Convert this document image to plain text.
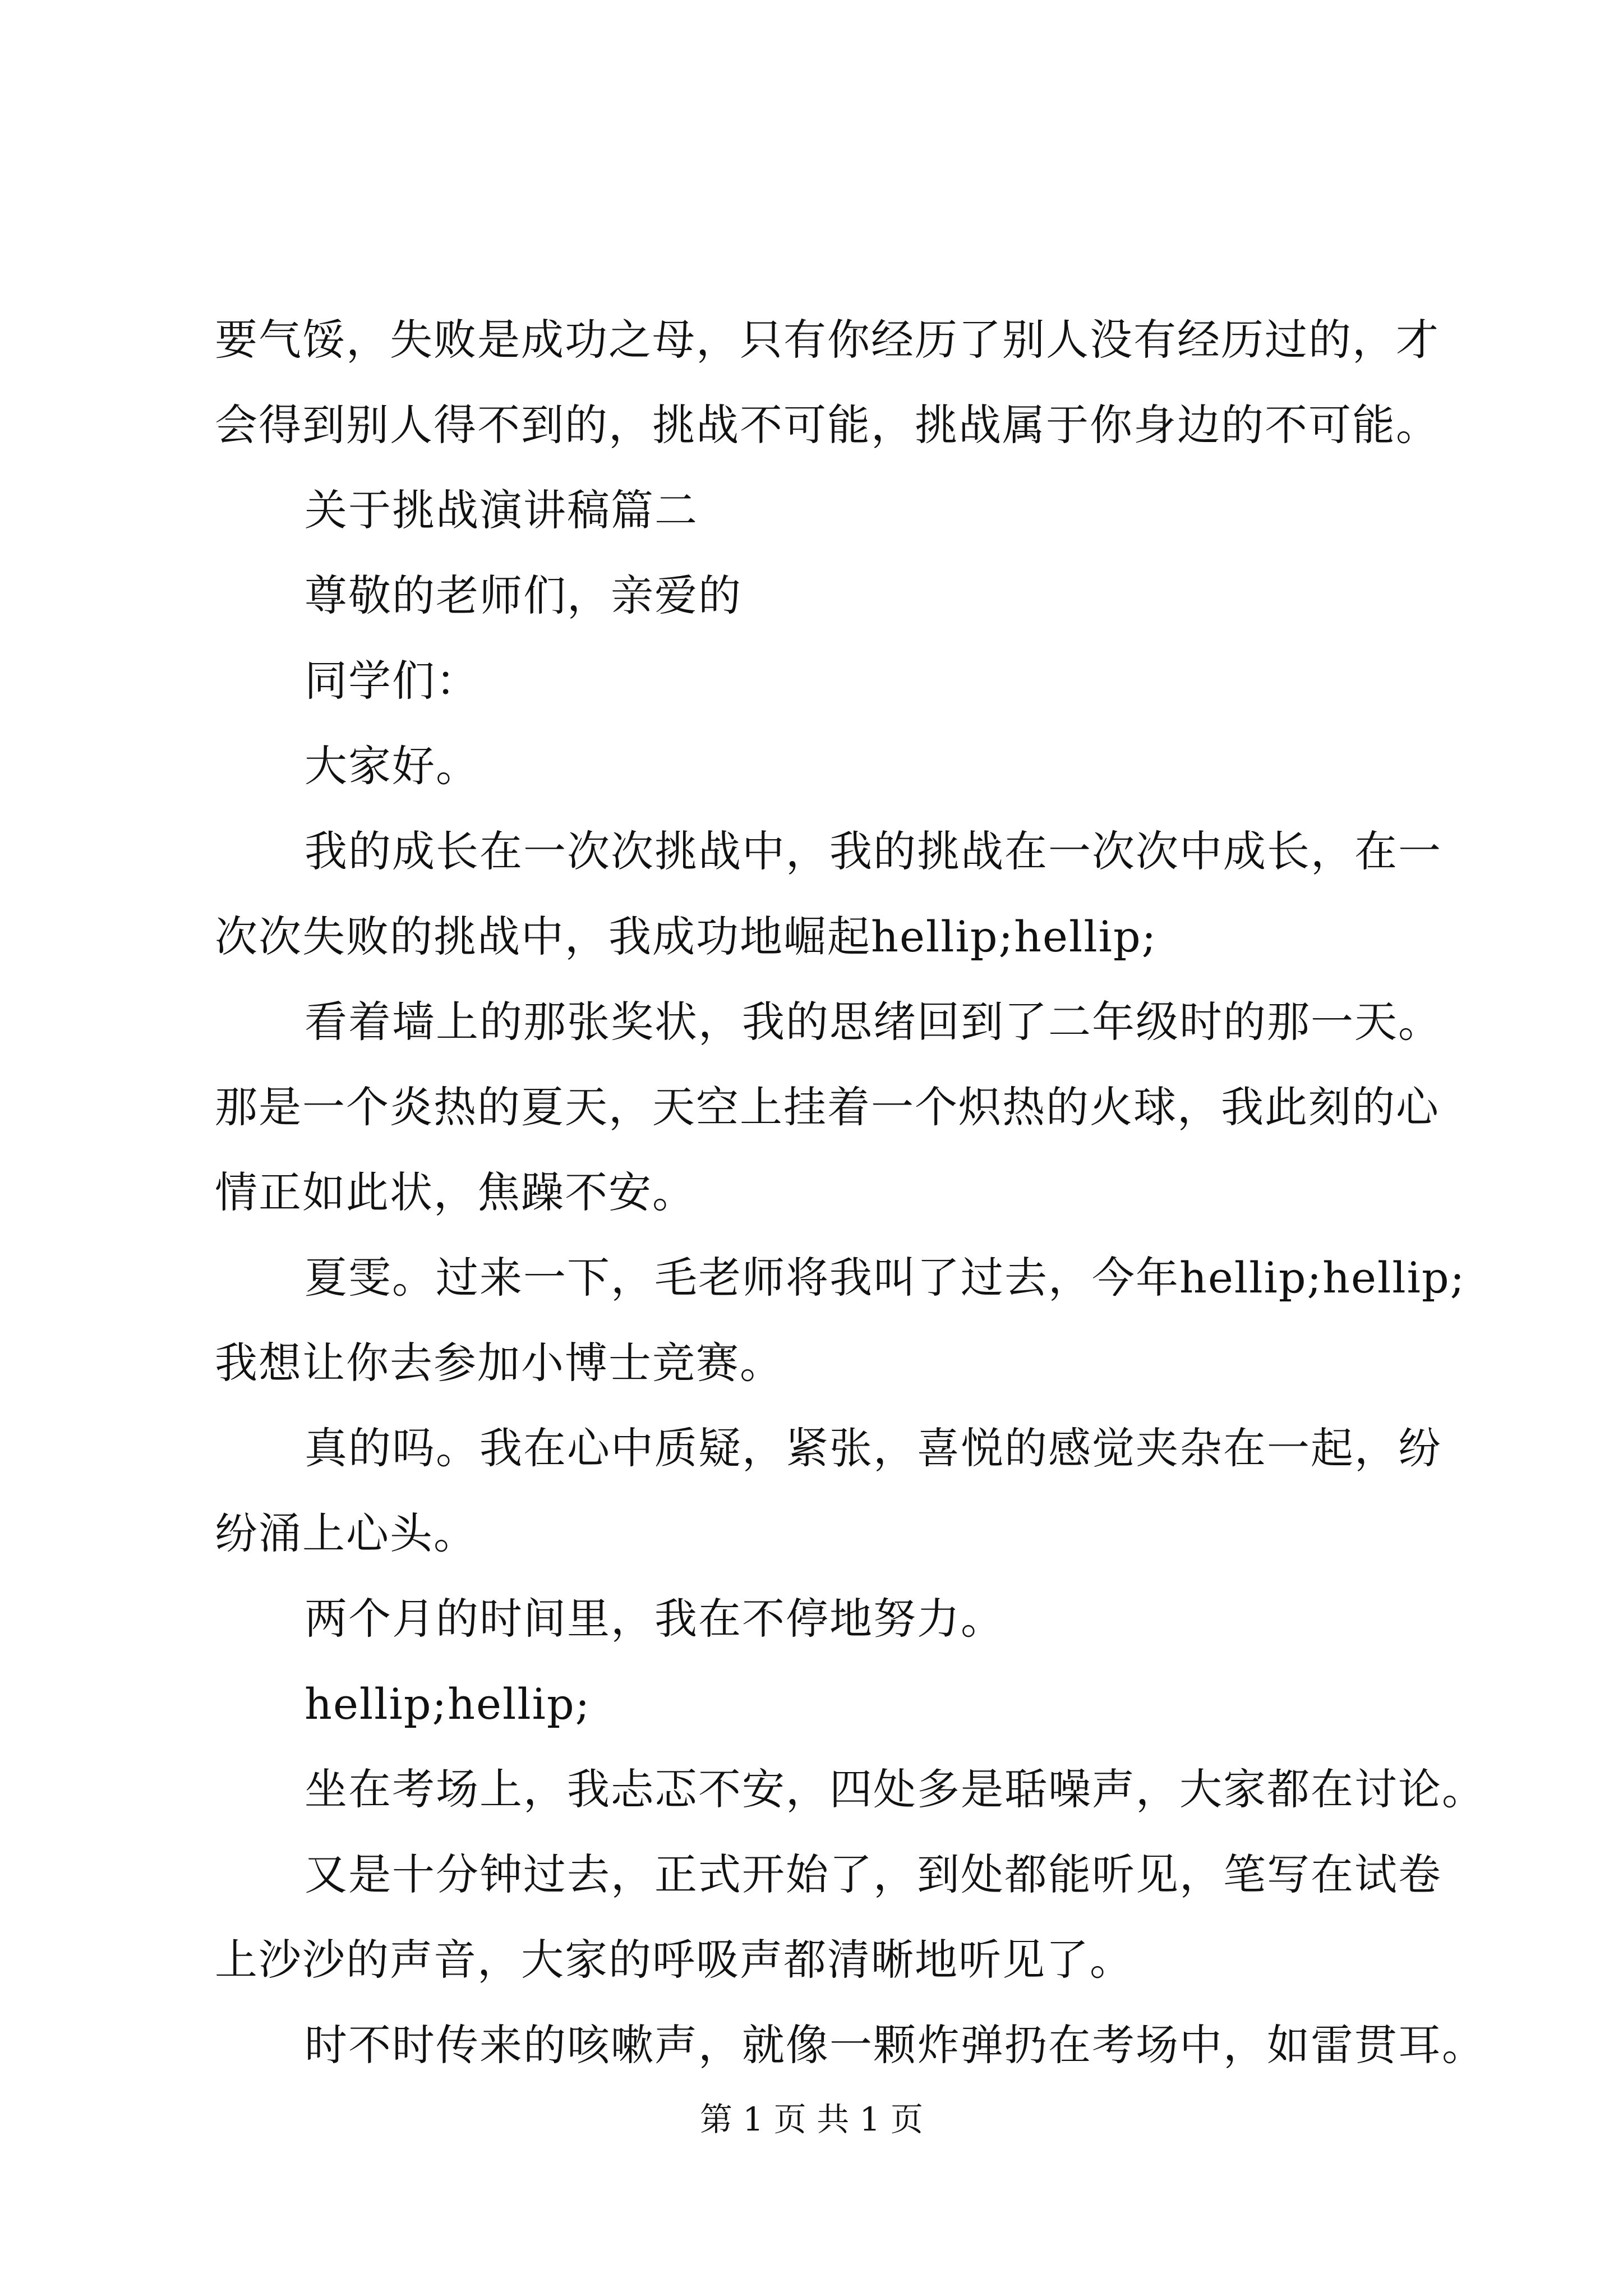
要气馁，失败是成功之母，只有你经历了别人没有经历过的，才
会得到别人得不到的，挑战不可能，挑战属于你身边的不可能。
关于挑战演讲稿篇二
尊敬的老师们，亲爱的
同学们：
大家好。
我的成长在一次次挑战中，我的挑战在一次次中成长，在一
次次失败的挑战中，我成功地崛起hellip;hellip;
看着墙上的那张奖状，我的思绪回到了二年级时的那一天。
那是一个炎热的夏天，天空上挂着一个炽热的火球，我此刻的心
情正如此状，焦躁不安。
夏雯。过来一下，毛老师将我叫了过去，今年hellip;hellip;
我想让你去参加小博士竞赛。
真的吗。我在心中质疑，紧张，喜悦的感觉夹杂在一起，纷
纷涌上心头。
两个月的时间里，我在不停地努力。
hellip;hellip;
坐在考场上，我忐忑不安，四处多是聒噪声，大家都在讨论。
又是十分钟过去，正式开始了，到处都能听见，笔写在试卷
上沙沙的声音，大家的呼吸声都清晰地听见了。
时不时传来的咳嗽声，就像一颗炸弹扔在考场中，如雷贯耳。
第 1 页 共 1 页
